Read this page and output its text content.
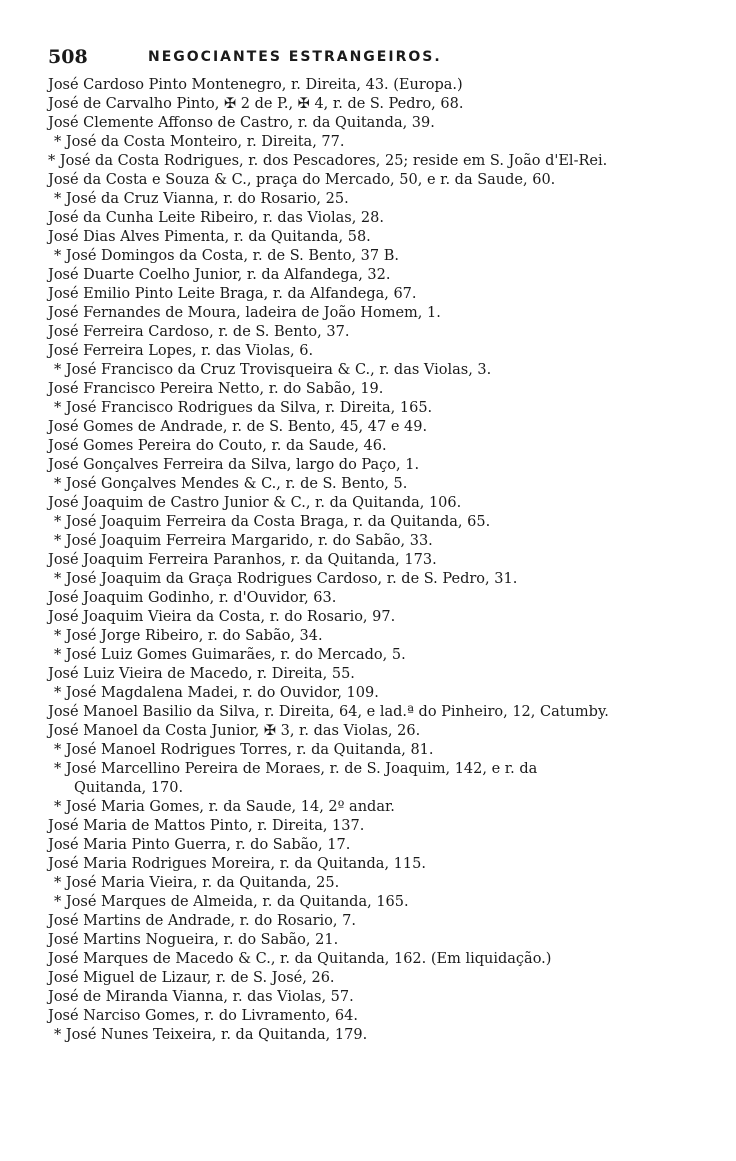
508	NEGOCIANTES ESTRANGEIROS.
José Cardoso Pinto Montenegro, r. Direita, 43. (Europa.)
José de Carvalho Pinto, ✠ 2 de P., ✠ 4, r. de S. Pedro, 68.
José Clemente Affonso de Castro, r. da Quitanda, 39.
* José da Costa Monteiro, r. Direita, 77.
* José da Costa Rodrigues, r. dos Pescadores, 25; reside em S. João d'El-Rei.
José da Costa e Souza & C., praça do Mercado, 50, e r. da Saude, 60.
* José da Cruz Vianna, r. do Rosario, 25.
José da Cunha Leite Ribeiro, r. das Violas, 28.
José Dias Alves Pimenta, r. da Quitanda, 58.
* José Domingos da Costa, r. de S. Bento, 37 B.
José Duarte Coelho Junior, r. da Alfandega, 32.
José Emilio Pinto Leite Braga, r. da Alfandega, 67.
José Fernandes de Moura, ladeira de João Homem, 1.
José Ferreira Cardoso, r. de S. Bento, 37.
José Ferreira Lopes, r. das Violas, 6.
* José Francisco da Cruz Trovisqueira & C., r. das Violas, 3.
José Francisco Pereira Netto, r. do Sabão, 19.
* José Francisco Rodrigues da Silva, r. Direita, 165.
José Gomes de Andrade, r. de S. Bento, 45, 47 e 49.
José Gomes Pereira do Couto, r. da Saude, 46.
José Gonçalves Ferreira da Silva, largo do Paço, 1.
* José Gonçalves Mendes & C., r. de S. Bento, 5.
José Joaquim de Castro Junior & C., r. da Quitanda, 106.
* José Joaquim Ferreira da Costa Braga, r. da Quitanda, 65.
* José Joaquim Ferreira Margarido, r. do Sabão, 33.
José Joaquim Ferreira Paranhos, r. da Quitanda, 173.
* José Joaquim da Graça Rodrigues Cardoso, r. de S. Pedro, 31.
José Joaquim Godinho, r. d'Ouvidor, 63.
José Joaquim Vieira da Costa, r. do Rosario, 97.
* José Jorge Ribeiro, r. do Sabão, 34.
* José Luiz Gomes Guimarães, r. do Mercado, 5.
José Luiz Vieira de Macedo, r. Direita, 55.
* José Magdalena Madei, r. do Ouvidor, 109.
José Manoel Basilio da Silva, r. Direita, 64, e lad.ª do Pinheiro, 12, Catumby.
José Manoel da Costa Junior, ✠ 3, r. das Violas, 26.
* José Manoel Rodrigues Torres, r. da Quitanda, 81.
* José Marcellino Pereira de Moraes, r. de S. Joaquim, 142, e r. da
Quitanda, 170.
* José Maria Gomes, r. da Saude, 14, 2º andar.
José Maria de Mattos Pinto, r. Direita, 137.
José Maria Pinto Guerra, r. do Sabão, 17.
José Maria Rodrigues Moreira, r. da Quitanda, 115.
* José Maria Vieira, r. da Quitanda, 25.
* José Marques de Almeida, r. da Quitanda, 165.
José Martins de Andrade, r. do Rosario, 7.
José Martins Nogueira, r. do Sabão, 21.
José Marques de Macedo & C., r. da Quitanda, 162. (Em liquidação.)
José Miguel de Lizaur, r. de S. José, 26.
José de Miranda Vianna, r. das Violas, 57.
José Narciso Gomes, r. do Livramento, 64.
* José Nunes Teixeira, r. da Quitanda, 179.
